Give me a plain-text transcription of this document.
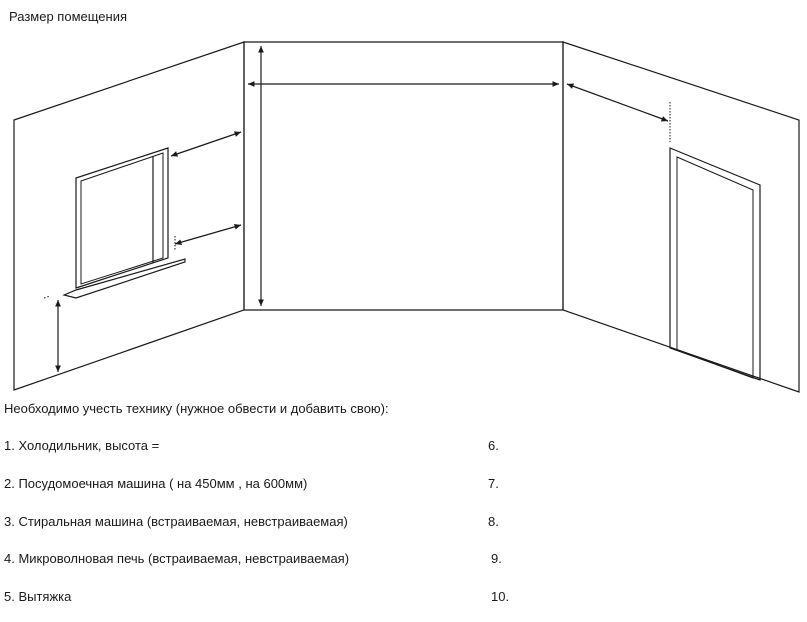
Размер помещения
Необходимо учесть технику (нужное обвести и добавить свою):
1. Холодильник, высота =
2. Посудомоечная машина ( на 450мм , на 600мм)
3. Стиральная машина (встраиваемая, невстраиваемая)
4. Микроволновая печь (встраиваемая, невстраиваемая)
5. Вытяжка
6.
7.
8.
9.
10.
